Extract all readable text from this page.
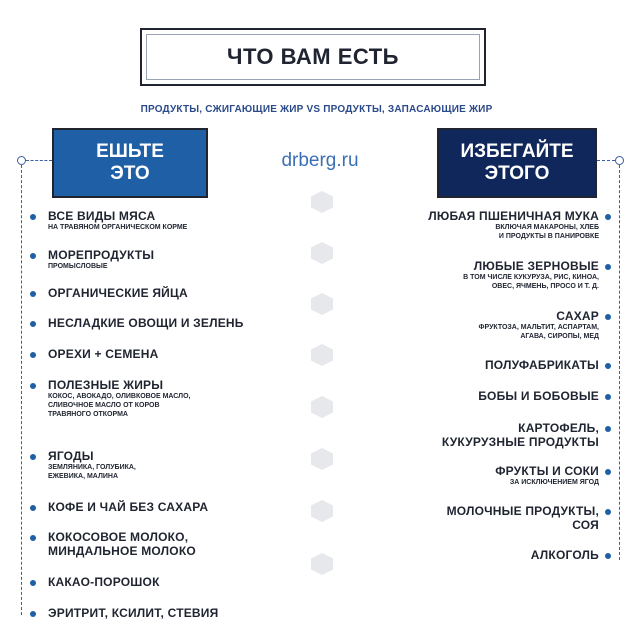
ЧТО ВАМ ЕСТЬ
ПРОДУКТЫ, СЖИГАЮЩИЕ ЖИР VS ПРОДУКТЫ, ЗАПАСАЮЩИЕ ЖИР
ЕШЬТЕ
ЭТО
drberg.ru	ИЗБЕГАЙТЕ
ЭТОГО
ВСЕ ВИДЫ МЯСА
НА ТРАВЯНОМ ОРГАНИЧЕСКОМ КОРМЕ
МОРЕПРОДУКТЫ
ПРОМЫСЛОВЫЕ
ОРГАНИЧЕСКИЕ ЯЙЦА
НЕСЛАДКИЕ ОВОЩИ И ЗЕЛЕНЬ
ОРЕХИ + СЕМЕНА
ПОЛЕЗНЫЕ ЖИРЫ
КОКОС, АВОКАДО, ОЛИВКОВОЕ МАСЛО,
СЛИВОЧНОЕ МАСЛО ОТ КОРОВ
ТРАВЯНОГО ОТКОРМА
ЯГОДЫ
ЗЕМЛЯНИКА, ГОЛУБИКА,
ЕЖЕВИКА, МАЛИНА
КОФЕ И ЧАЙ БЕЗ САХАРА
КОКОСОВОЕ МОЛОКО,
МИНДАЛЬНОЕ МОЛОКО
КАКАО-ПОРОШОК
ЭРИТРИТ, КСИЛИТ, СТЕВИЯ
ЛЮБАЯ ПШЕНИЧНАЯ МУКА
ВКЛЮЧАЯ МАКАРОНЫ, ХЛЕБ
И ПРОДУКТЫ В ПАНИРОВКЕ
ЛЮБЫЕ ЗЕРНОВЫЕ
В ТОМ ЧИСЛЕ КУКУРУЗА, РИС, КИНОА,
ОВЕС, ЯЧМЕНЬ, ПРОСО И Т. Д.
САХАР
ФРУКТОЗА, МАЛЬТИТ, АСПАРТАМ,
АГАВА, СИРОПЫ, МЕД
ПОЛУФАБРИКАТЫ
БОБЫ И БОБОВЫЕ
КАРТОФЕЛЬ,
КУКУРУЗНЫЕ ПРОДУКТЫ
ФРУКТЫ И СОКИ
ЗА ИСКЛЮЧЕНИЕМ ЯГОД
МОЛОЧНЫЕ ПРОДУКТЫ,
СОЯ
АЛКОГОЛЬ
